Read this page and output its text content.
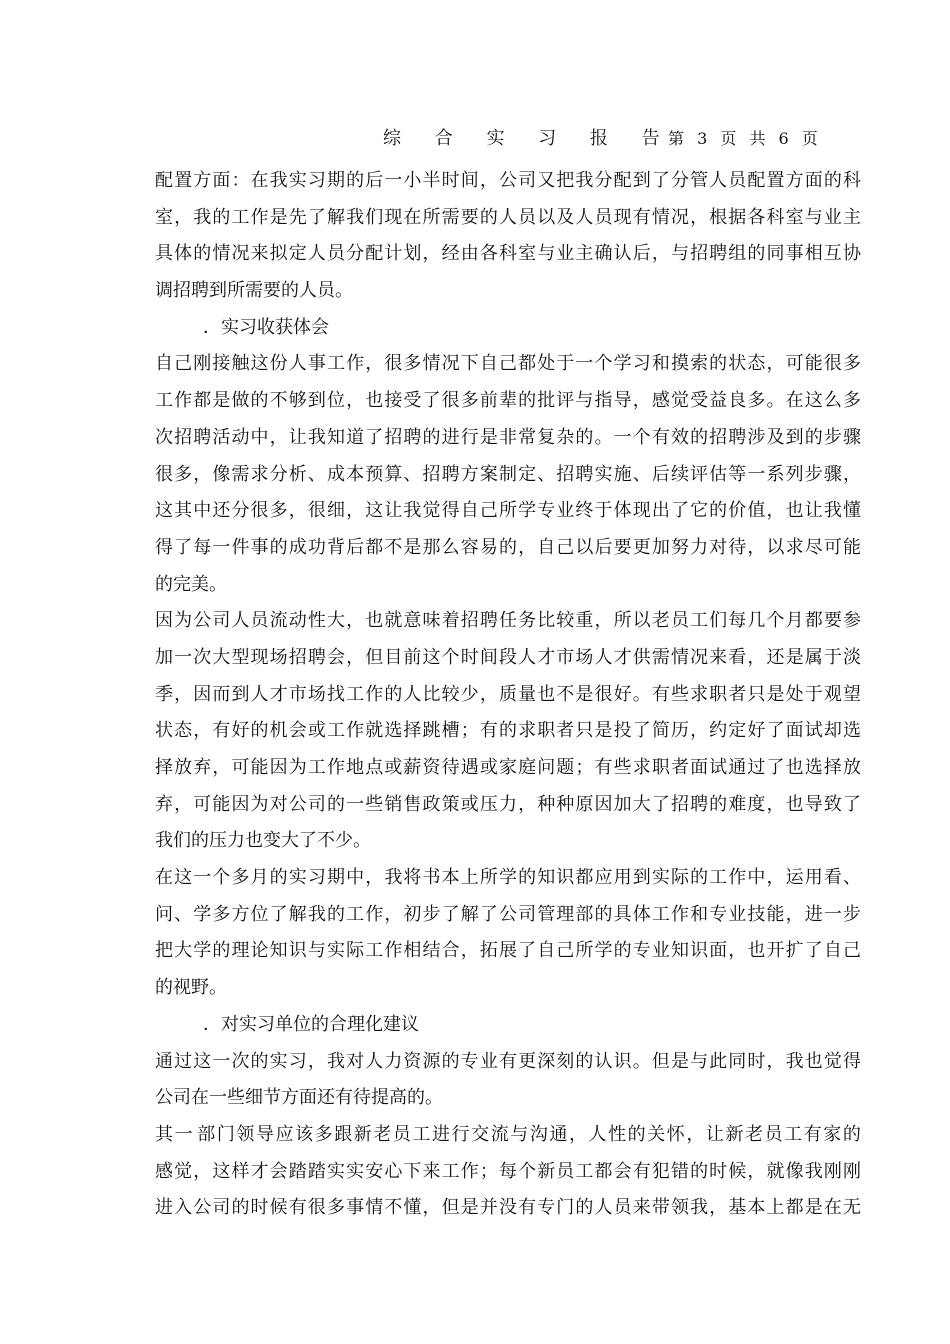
综 合 实 习 报 告
第 3 页 共 6 页
配 置 方 面 ： 在 我 实 习 期 的 后 一 小 半 时 间 ， 公 司 又 把 我 分 配 到 了 分 管 人 员 配 置 方 面 的 科
室 ， 我 的 工 作 是 先 了 解 我 们 现 在 所 需 要 的 人 员 以 及 人 员 现 有 情 况 ， 根 据 各 科 室 与 业 主
具 体 的 情 况 来 拟 定 人 员 分 配 计 划 ， 经 由 各 科 室 与 业 主 确 认 后 ， 与 招 聘 组 的 同 事 相 互 协
调招聘到所需要的人员。
．实习收获体会
自 己 刚 接 触 这 份 人 事 工 作 ， 很 多 情 况 下 自 己 都 处 于 一 个 学 习 和 摸 索 的 状 态 ， 可 能 很 多
工 作 都 是 做 的 不 够 到 位 ， 也 接 受 了 很 多 前 辈 的 批 评 与 指 导 ， 感 觉 受 益 良 多 。 在 这 么 多
次 招 聘 活 动 中 ， 让 我 知 道 了 招 聘 的 进 行 是 非 常 复 杂 的 。 一 个 有 效 的 招 聘 涉 及 到 的 步 骤
很 多 ， 像 需 求 分 析 、 成 本 预 算 、 招 聘 方 案 制 定 、 招 聘 实 施 、 后 续 评 估 等 一 系 列 步 骤 ，
这 其 中 还 分 很 多 ， 很 细 ， 这 让 我 觉 得 自 己 所 学 专 业 终 于 体 现 出 了 它 的 价 值 ， 也 让 我 懂
得 了 每 一 件 事 的 成 功 背 后 都 不 是 那 么 容 易 的 ， 自 己 以 后 要 更 加 努 力 对 待 ， 以 求 尽 可 能
的完美。
因 为 公 司 人 员 流 动 性 大 ， 也 就 意 味 着 招 聘 任 务 比 较 重 ， 所 以 老 员 工 们 每 几 个 月 都 要 参
加 一 次 大 型 现 场 招 聘 会 ， 但 目 前 这 个 时 间 段 人 才 市 场 人 才 供 需 情 况 来 看 ， 还 是 属 于 淡
季 ， 因 而 到 人 才 市 场 找 工 作 的 人 比 较 少 ， 质 量 也 不 是 很 好 。 有 些 求 职 者 只 是 处 于 观 望
状 态 ， 有 好 的 机 会 或 工 作 就 选 择 跳 槽 ； 有 的 求 职 者 只 是 投 了 简 历 ， 约 定 好 了 面 试 却 选
择 放 弃 ， 可 能 因 为 工 作 地 点 或 薪 资 待 遇 或 家 庭 问 题 ； 有 些 求 职 者 面 试 通 过 了 也 选 择 放
弃 ， 可 能 因 为 对 公 司 的 一 些 销 售 政 策 或 压 力 ， 种 种 原 因 加 大 了 招 聘 的 难 度 ， 也 导 致 了
我们的压力也变大了不少。
在 这 一 个 多 月 的 实 习 期 中 ， 我 将 书 本 上 所 学 的 知 识 都 应 用 到 实 际 的 工 作 中 ， 运 用 看 、
问 、 学 多 方 位 了 解 我 的 工 作 ， 初 步 了 解 了 公 司 管 理 部 的 具 体 工 作 和 专 业 技 能 ， 进 一 步
把 大 学 的 理 论 知 识 与 实 际 工 作 相 结 合 ， 拓 展 了 自 己 所 学 的 专 业 知 识 面 ， 也 开 扩 了 自 己
的视野。
．对实习单位的合理化建议
通 过 这 一 次 的 实 习 ， 我 对 人 力 资 源 的 专 业 有 更 深 刻 的 认 识 。 但 是 与 此 同 时 ， 我 也 觉 得
公司在一些细节方面还有待提高的。
其 一 部 门 领 导 应 该 多 跟 新 老 员 工 进 行 交 流 与 沟 通 ， 人 性 的 关 怀 ， 让 新 老 员 工 有 家 的
感 觉 ， 这 样 才 会 踏 踏 实 实 安 心 下 来 工 作 ； 每 个 新 员 工 都 会 有 犯 错 的 时 候 ， 就 像 我 刚 刚
进 入 公 司 的 时 候 有 很 多 事 情 不 懂 ， 但 是 并 没 有 专 门 的 人 员 来 带 领 我 ， 基 本 上 都 是 在 无
